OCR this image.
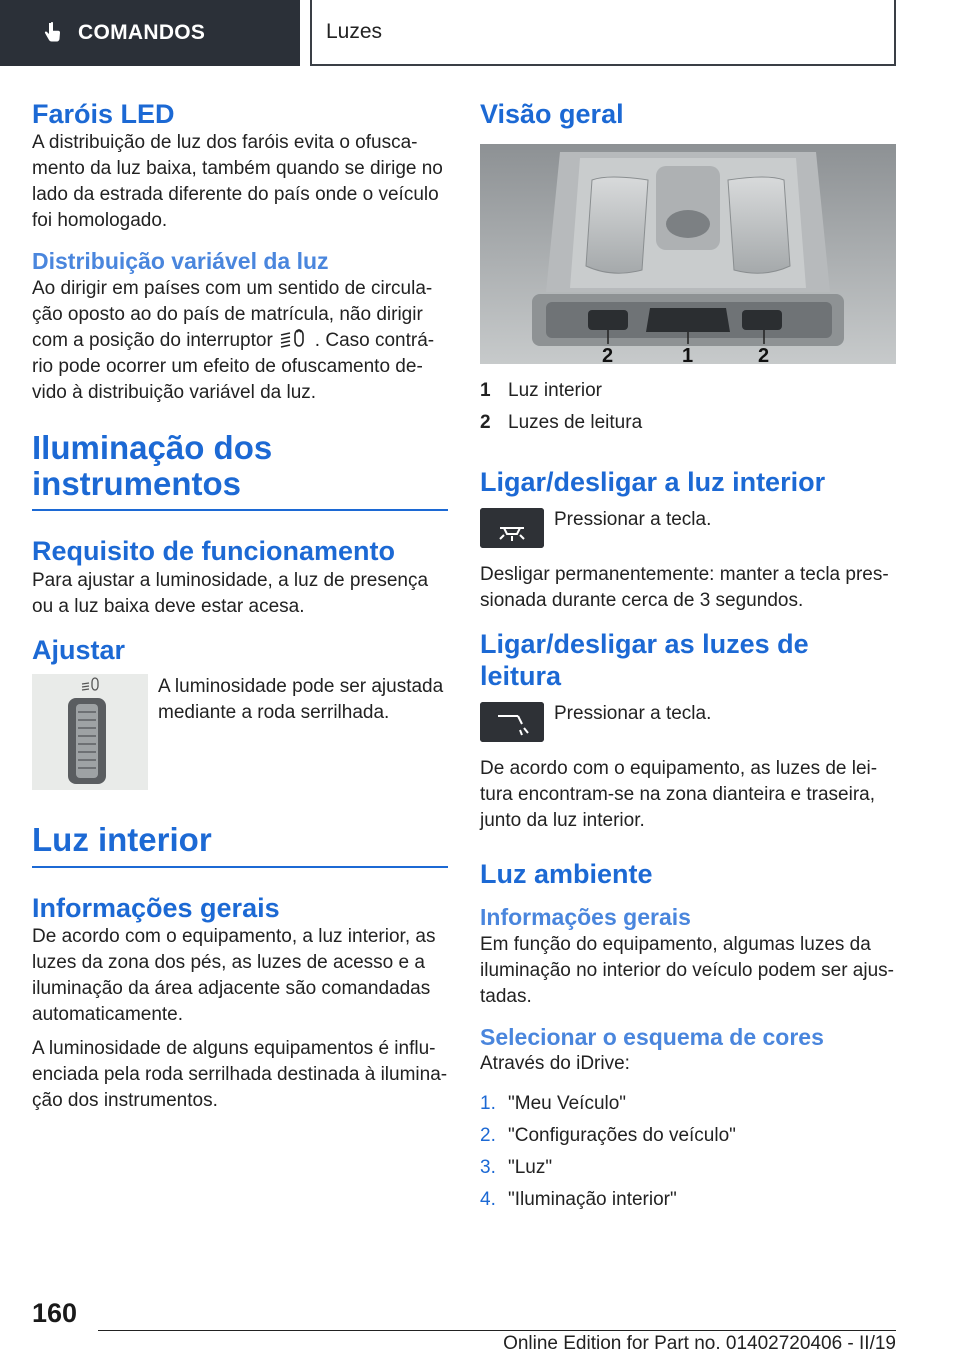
COMANDOS	Luzes
Faróis LED

A distribuição de luz dos faróis evita o ofusca-mento da luz baixa, também quando se dirige no lado da estrada diferente do país onde o veículo foi homologado.

Distribuição variável da luz

Ao dirigir em países com um sentido de circula-ção oposto ao do país de matrícula, não dirigir com a posição do interruptor . Caso contrá-rio pode ocorrer um efeito de ofuscamento de-vido à distribuição variável da luz.

Iluminação dos instrumentos
Requisito de funcionamento

Para ajustar a luminosidade, a luz de presença ou a luz baixa deve estar acesa.

Ajustar

A luminosidade pode ser ajustada mediante a roda serrilhada.

Luz interior
Informações gerais

De acordo com o equipamento, a luz interior, as luzes da zona dos pés, as luzes de acesso e a iluminação da área adjacente são comandadas automaticamente.

A luminosidade de alguns equipamentos é influ-enciada pela roda serrilhada destinada à ilumina-ção dos instrumentos.

Visão geral
2	1	2
1 Luz interior
2 Luzes de leitura
Ligar/desligar a luz interior

Pressionar a tecla.

Desligar permanentemente: manter a tecla pres-sionada durante cerca de 3 segundos.

Ligar/desligar as luzes de leitura

Pressionar a tecla.

De acordo com o equipamento, as luzes de lei-tura encontram-se na zona dianteira e traseira, junto da luz interior.

Luz ambiente
Informações gerais

Em função do equipamento, algumas luzes da iluminação no interior do veículo podem ser ajus-tadas.

Selecionar o esquema de cores

Através do iDrive:

1. "Meu Veículo"
2. "Configurações do veículo"
3. "Luz"
4. "Iluminação interior"
160
Online Edition for Part no. 01402720406 - II/19
